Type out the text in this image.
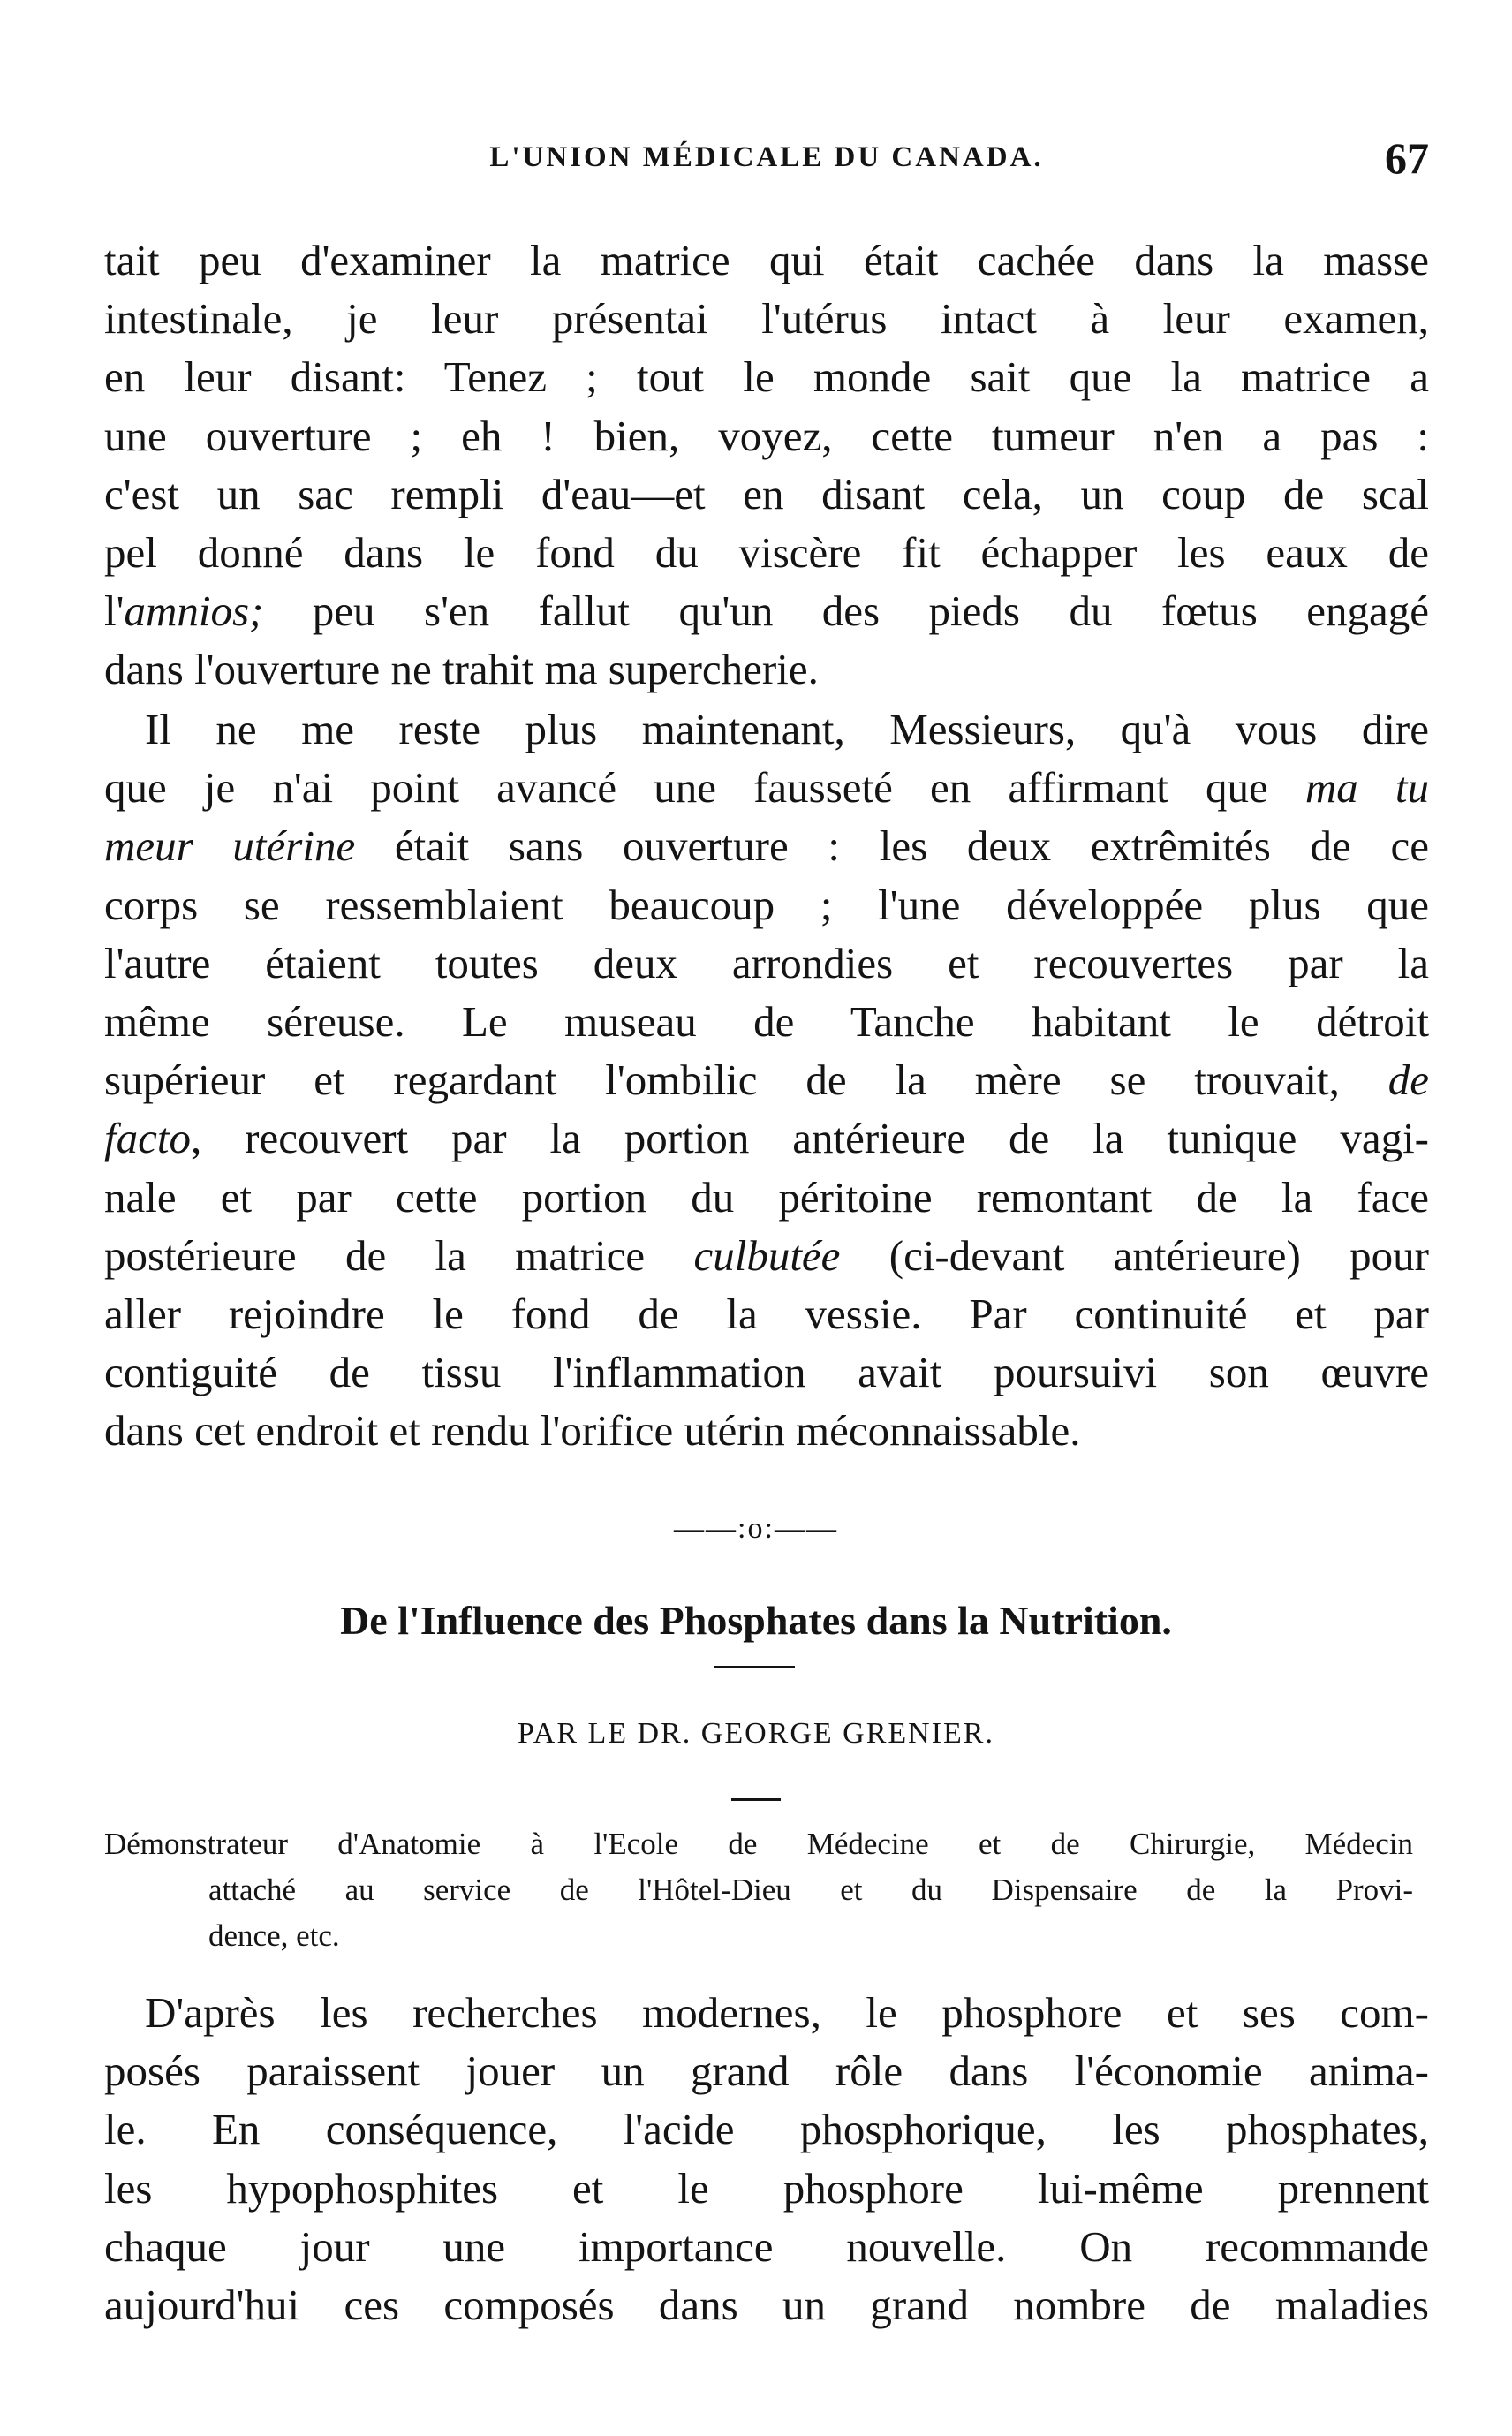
L'UNION MÉDICALE DU CANADA.	67
tait peu d'examiner la matrice qui était cachée dans la masse
intestinale, je leur présentai l'utérus intact à leur examen,
en leur disant: Tenez ; tout le monde sait que la matrice a
une ouverture ; eh ! bien, voyez, cette tumeur n'en a pas :
c'est un sac rempli d'eau—et en disant cela, un coup de scal
pel donné dans le fond du viscère fit échapper les eaux de
l'amnios; peu s'en fallut qu'un des pieds du fœtus engagé
dans l'ouverture ne trahit ma supercherie.
Il ne me reste plus maintenant, Messieurs, qu'à vous dire
que je n'ai point avancé une fausseté en affirmant que ma tu
meur utérine était sans ouverture : les deux extrêmités de ce
corps se ressemblaient beaucoup ; l'une développée plus que
l'autre étaient toutes deux arrondies et recouvertes par la
même séreuse. Le museau de Tanche habitant le détroit
supérieur et regardant l'ombilic de la mère se trouvait, de
facto, recouvert par la portion antérieure de la tunique vagi-
nale et par cette portion du péritoine remontant de la face
postérieure de la matrice culbutée (ci-devant antérieure) pour
aller rejoindre le fond de la vessie. Par continuité et par
contiguité de tissu l'inflammation avait poursuivi son œuvre
dans cet endroit et rendu l'orifice utérin méconnaissable.
——:o:——
De l'Influence des Phosphates dans la Nutrition.
PAR LE DR. GEORGE GRENIER.
Démonstrateur d'Anatomie à l'Ecole de Médecine et de Chirurgie, Médecin
attaché au service de l'Hôtel-Dieu et du Dispensaire de la Provi-
dence, etc.
D'après les recherches modernes, le phosphore et ses com-
posés paraissent jouer un grand rôle dans l'économie anima-
le. En conséquence, l'acide phosphorique, les phosphates,
les hypophosphites et le phosphore lui-même prennent
chaque jour une importance nouvelle. On recommande
aujourd'hui ces composés dans un grand nombre de maladies
